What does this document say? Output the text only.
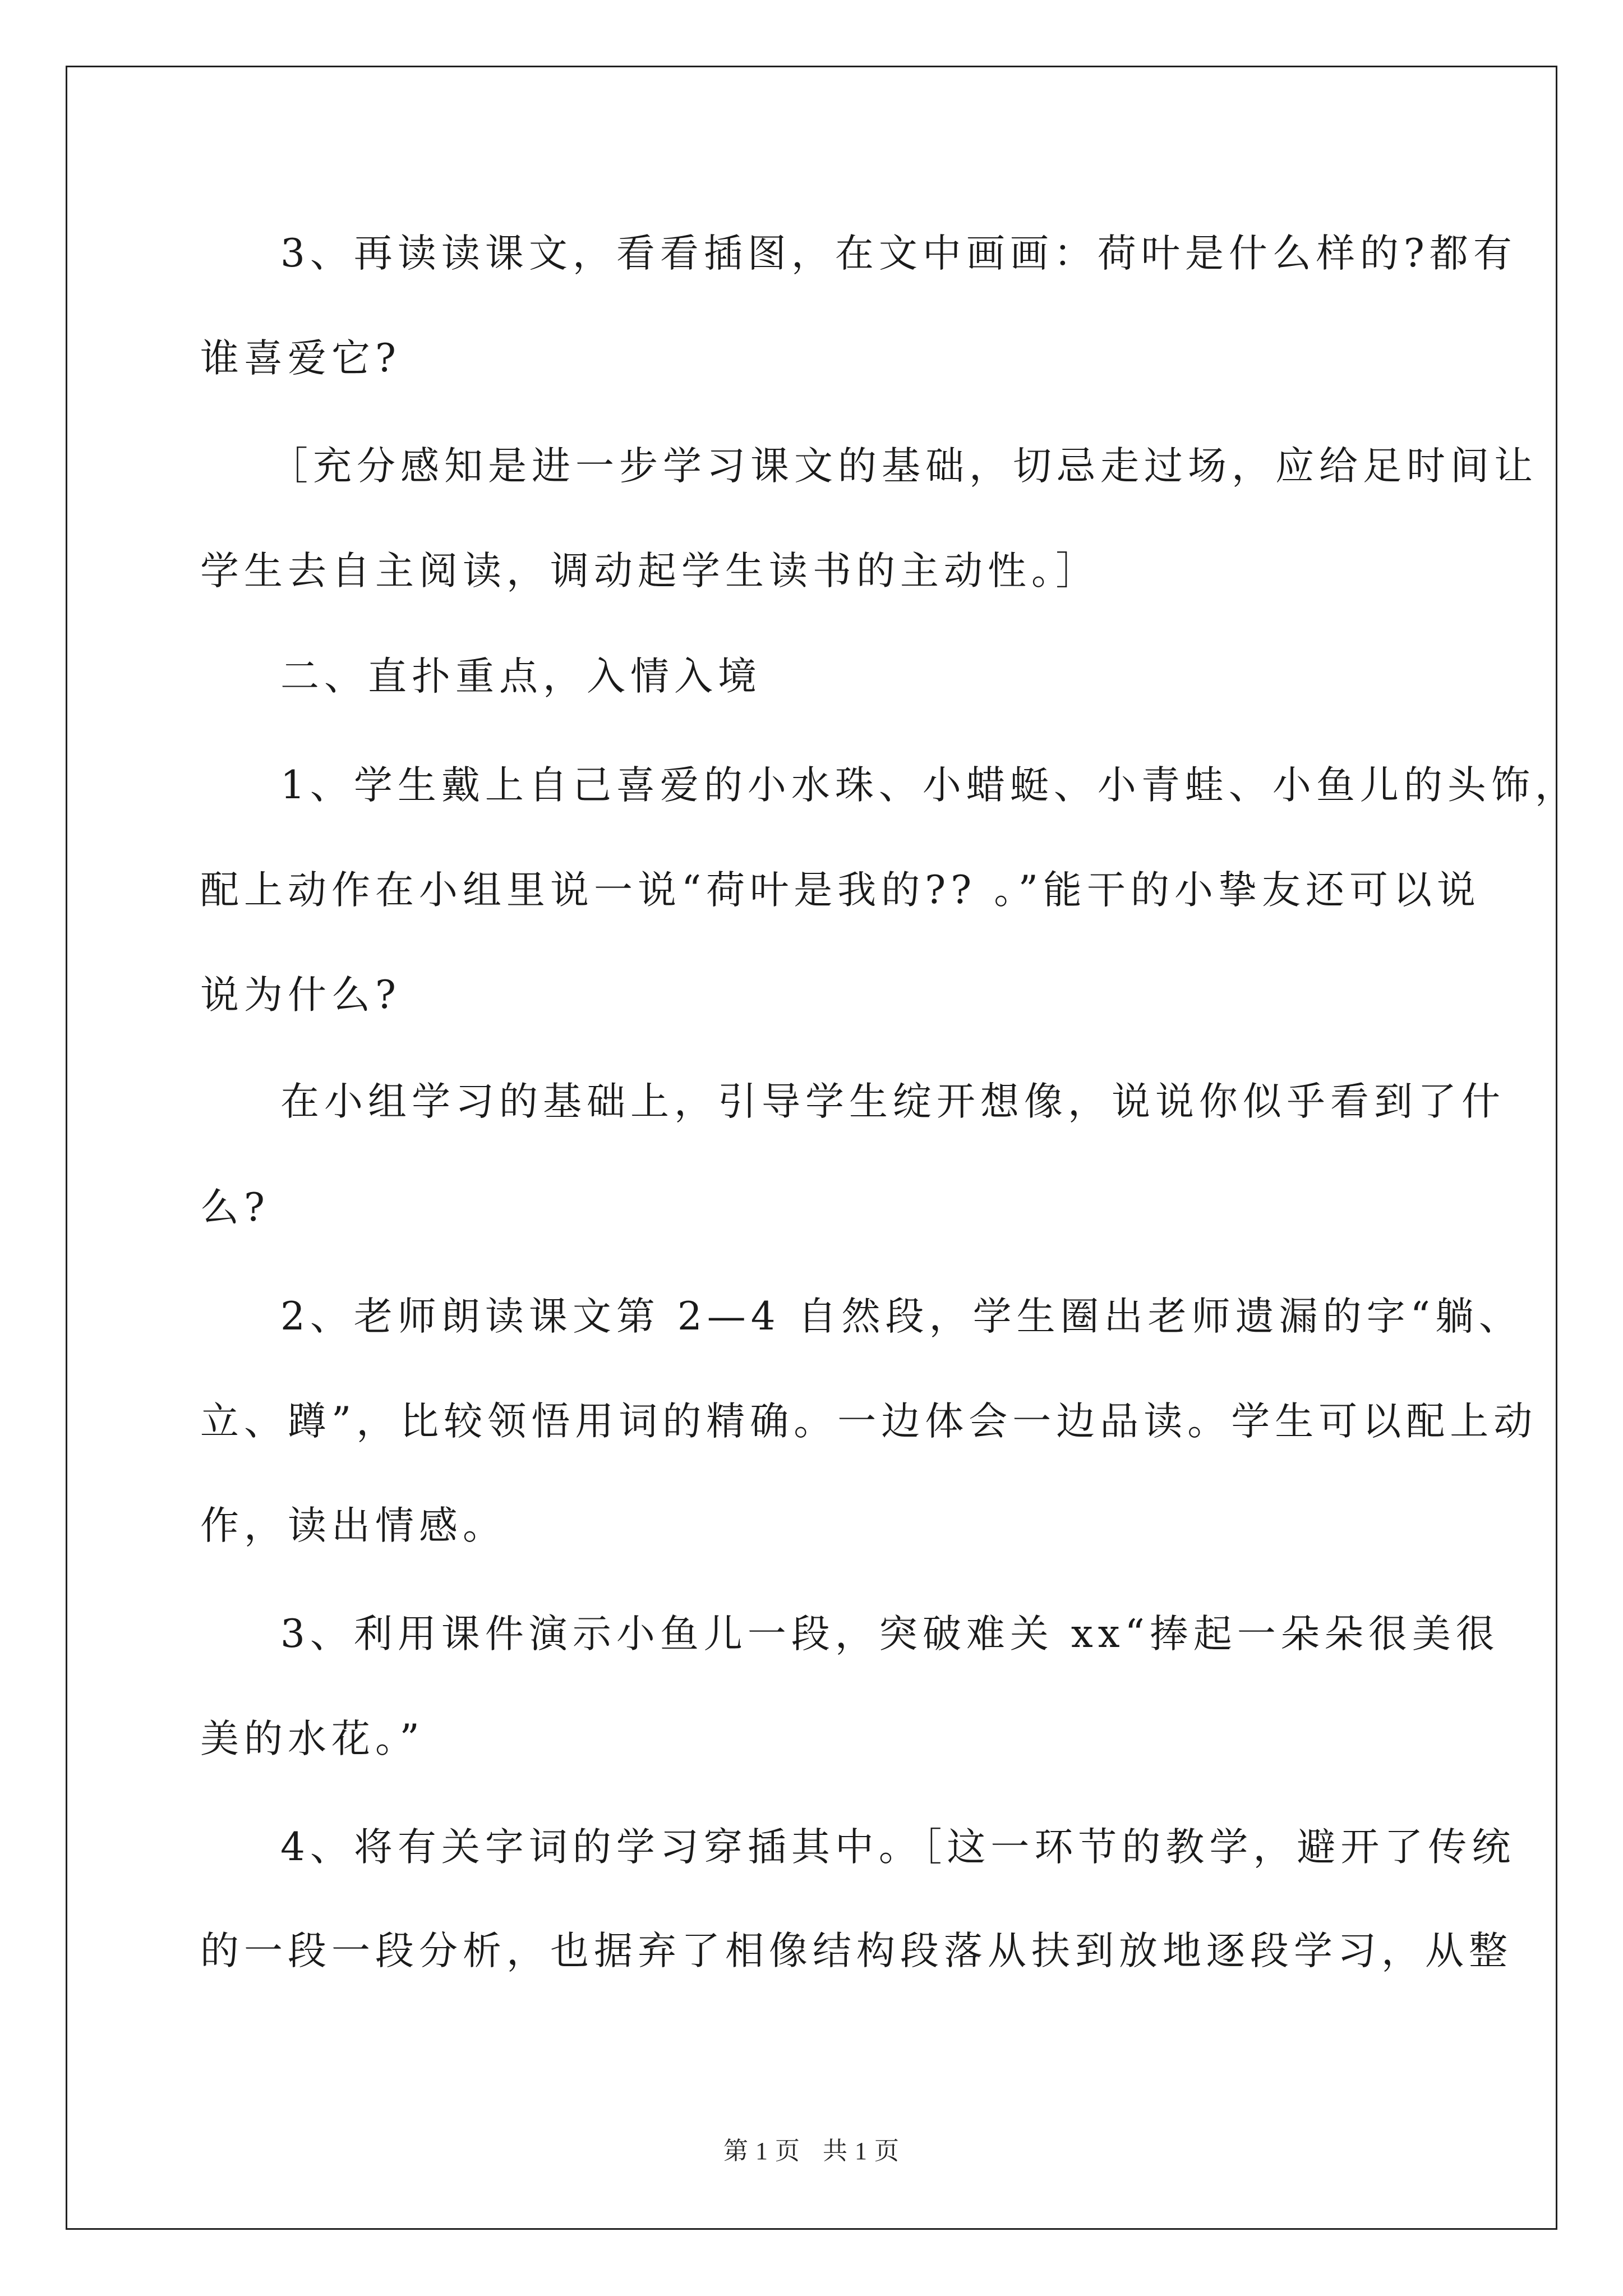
3、再读读课文，看看插图，在文中画画：荷叶是什么样的?都有

谁喜爱它?

［充分感知是进一步学习课文的基础，切忌走过场，应给足时间让

学生去自主阅读，调动起学生读书的主动性。］

二、直扑重点，入情入境

1、学生戴上自己喜爱的小水珠、小蜡蜓、小青蛙、小鱼儿的头饰，

配上动作在小组里说一说“荷叶是我的?? 。”能干的小挚友还可以说

说为什么?

在小组学习的基础上，引导学生绽开想像，说说你似乎看到了什

么?

2、老师朗读课文第 2—4 自然段，学生圈出老师遗漏的字“躺、

立、蹲”，比较领悟用词的精确。一边体会一边品读。学生可以配上动

作，读出情感。

3、利用课件演示小鱼儿一段，突破难关 xx“捧起一朵朵很美很

美的水花。”

4、将有关字词的学习穿插其中。［这一环节的教学，避开了传统

的一段一段分析，也据弃了相像结构段落从扶到放地逐段学习，从整

第 1 页 共 1 页
